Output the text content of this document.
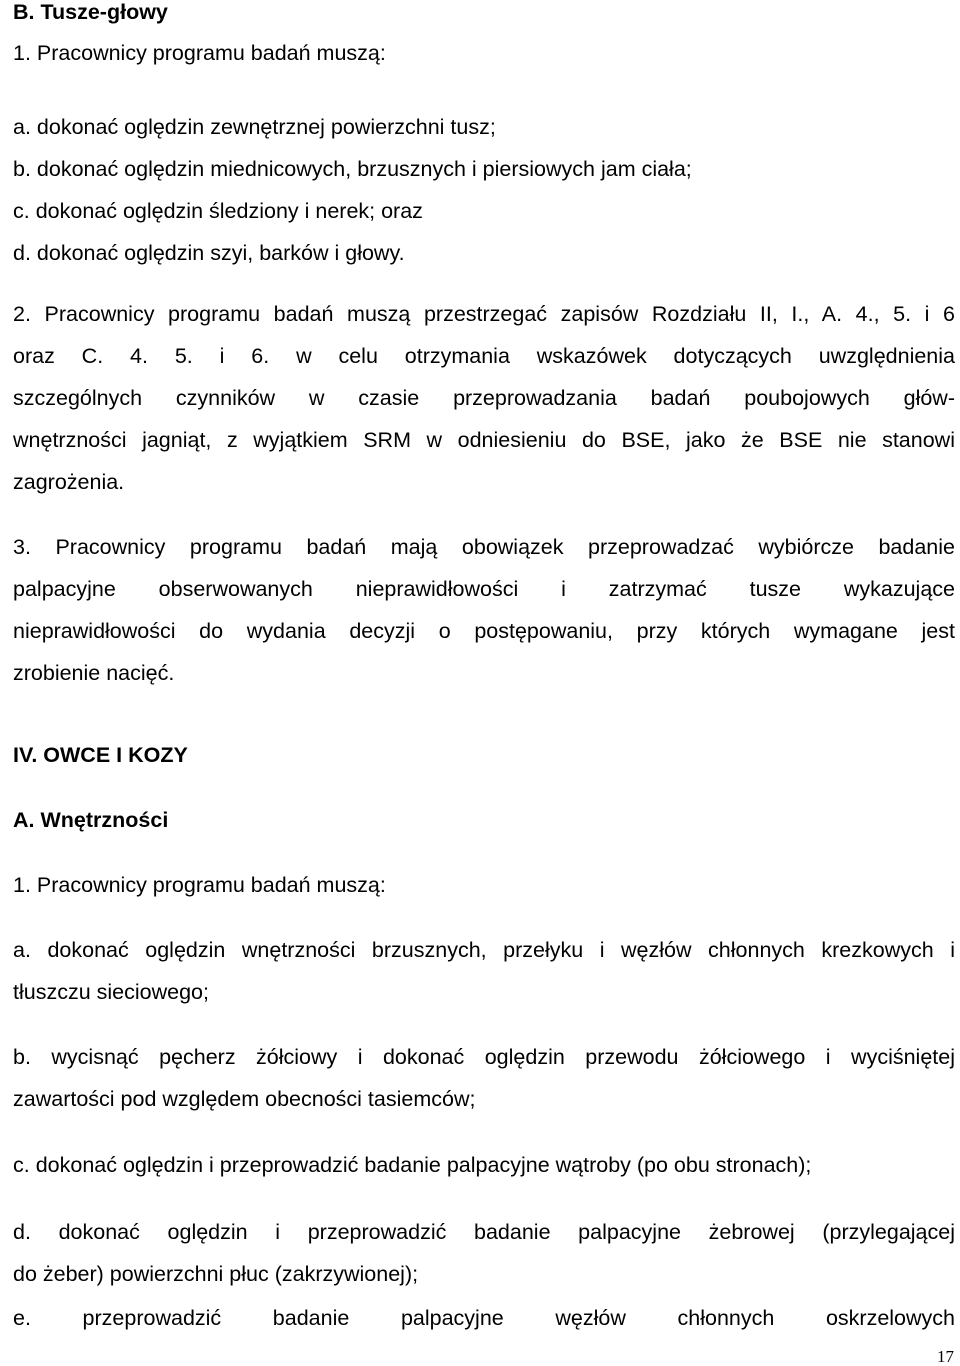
B. Tusze-głowy

1. Pracownicy programu badań muszą:

a. dokonać oględzin zewnętrznej powierzchni tusz;

b. dokonać oględzin miednicowych, brzusznych i piersiowych jam ciała;

c. dokonać oględzin śledziony i nerek; oraz

d. dokonać oględzin szyi, barków i głowy.

2. Pracownicy programu badań muszą przestrzegać zapisów Rozdziału II, I., A. 4., 5. i 6

oraz C. 4. 5. i 6. w celu otrzymania wskazówek dotyczących uwzględnienia

szczególnych czynników w czasie przeprowadzania badań poubojowych głów-

wnętrzności jagniąt, z wyjątkiem SRM w odniesieniu do BSE, jako że BSE nie stanowi

zagrożenia.

3. Pracownicy programu badań mają obowiązek przeprowadzać wybiórcze badanie

palpacyjne obserwowanych nieprawidłowości i zatrzymać tusze wykazujące

nieprawidłowości do wydania decyzji o postępowaniu, przy których wymagane jest

zrobienie nacięć.

IV. OWCE I KOZY

A. Wnętrzności

1. Pracownicy programu badań muszą:

a. dokonać oględzin wnętrzności brzusznych, przełyku i węzłów chłonnych krezkowych i

tłuszczu sieciowego;

b. wycisnąć pęcherz żółciowy i dokonać oględzin przewodu żółciowego i wyciśniętej

zawartości pod względem obecności tasiemców;

c. dokonać oględzin i przeprowadzić badanie palpacyjne wątroby (po obu stronach);

d. dokonać oględzin i przeprowadzić badanie palpacyjne żebrowej (przylegającej

do żeber) powierzchni płuc (zakrzywionej);

e. przeprowadzić badanie palpacyjne węzłów chłonnych oskrzelowych

17
